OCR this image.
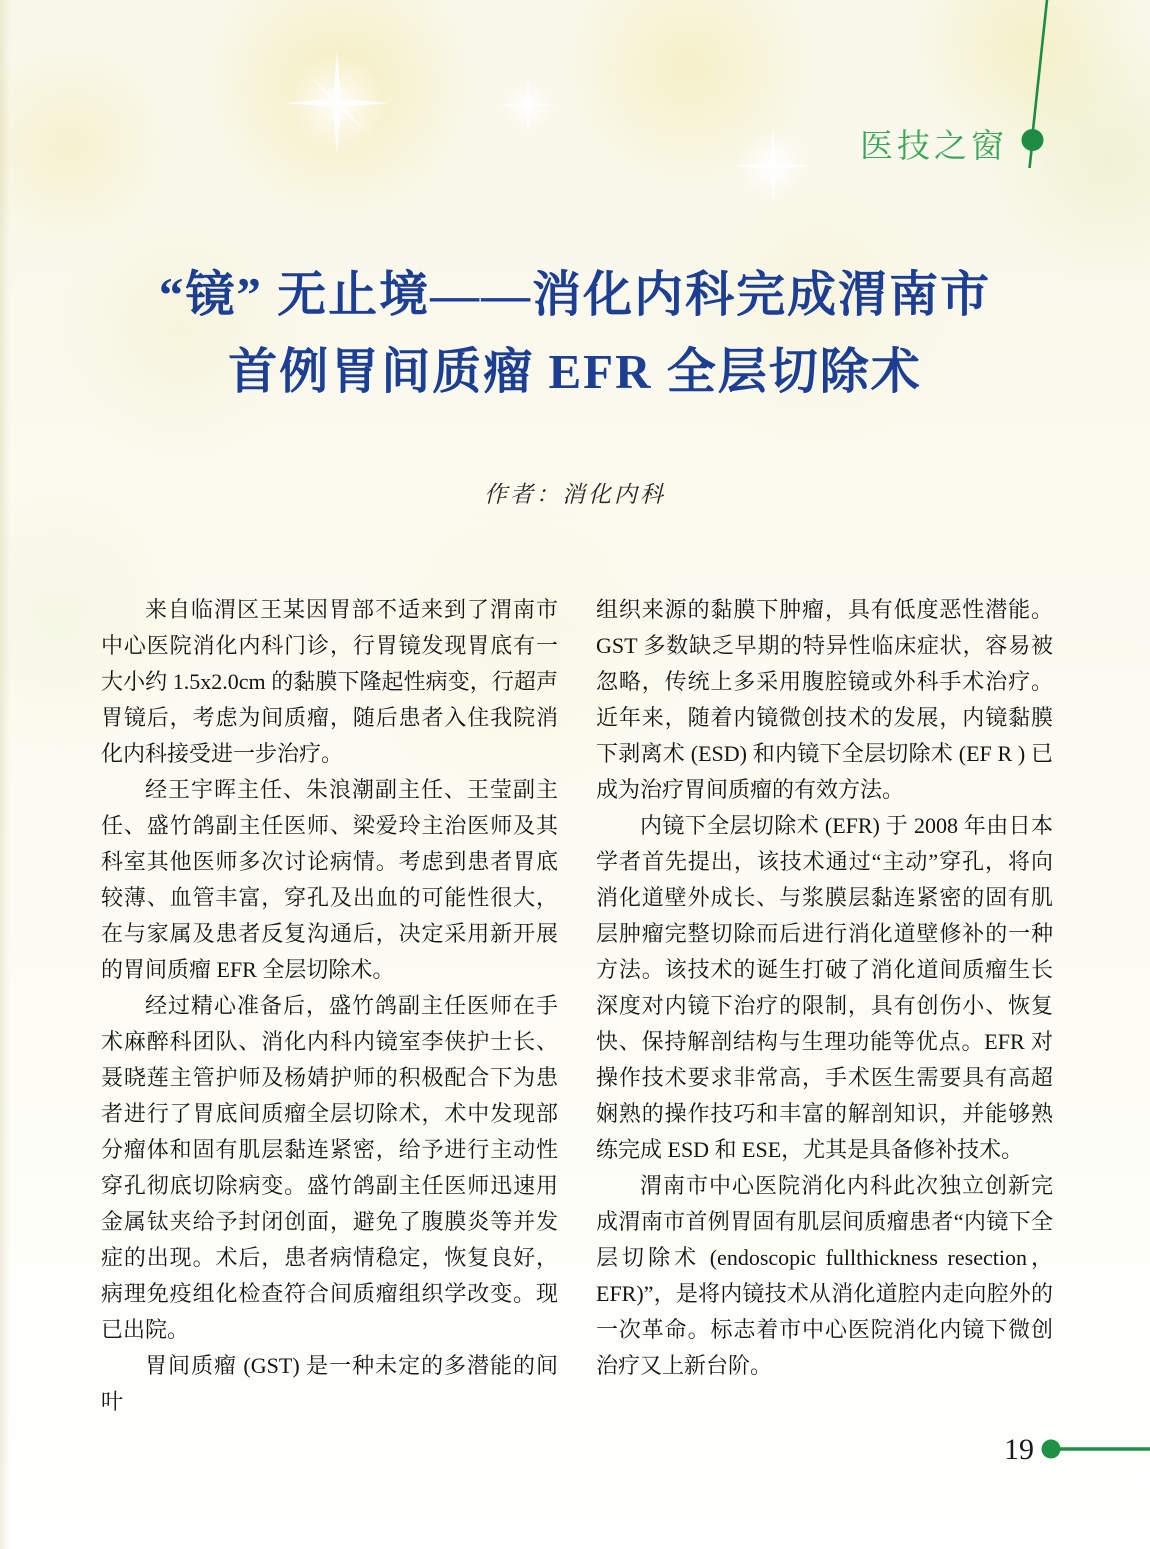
医技之窗
“镜” 无止境——消化内科完成渭南市
首例胃间质瘤 EFR 全层切除术
作者：消化内科

来自临渭区王某因胃部不适来到了渭南市中心医院消化内科门诊，行胃镜发现胃底有一大小约 1.5x2.0cm 的黏膜下隆起性病变，行超声胃镜后，考虑为间质瘤，随后患者入住我院消化内科接受进一步治疗。

经王宇晖主任、朱浪潮副主任、王莹副主任、盛竹鸽副主任医师、梁爱玲主治医师及其科室其他医师多次讨论病情。考虑到患者胃底较薄、血管丰富，穿孔及出血的可能性很大，在与家属及患者反复沟通后，决定采用新开展的胃间质瘤 EFR 全层切除术。

经过精心准备后，盛竹鸽副主任医师在手术麻醉科团队、消化内科内镜室李侠护士长、聂晓莲主管护师及杨婧护师的积极配合下为患者进行了胃底间质瘤全层切除术，术中发现部分瘤体和固有肌层黏连紧密，给予进行主动性穿孔彻底切除病变。盛竹鸽副主任医师迅速用金属钛夹给予封闭创面，避免了腹膜炎等并发症的出现。术后，患者病情稳定，恢复良好，病理免疫组化检查符合间质瘤组织学改变。现已出院。

胃间质瘤 (GST) 是一种未定的多潜能的间叶

组织来源的黏膜下肿瘤，具有低度恶性潜能。GST 多数缺乏早期的特异性临床症状，容易被忽略，传统上多采用腹腔镜或外科手术治疗。近年来，随着内镜微创技术的发展，内镜黏膜下剥离术 (ESD) 和内镜下全层切除术 (EF R ) 已成为治疗胃间质瘤的有效方法。

内镜下全层切除术 (EFR) 于 2008 年由日本学者首先提出，该技术通过“主动”穿孔，将向消化道壁外成长、与浆膜层黏连紧密的固有肌层肿瘤完整切除而后进行消化道壁修补的一种方法。该技术的诞生打破了消化道间质瘤生长深度对内镜下治疗的限制，具有创伤小、恢复快、保持解剖结构与生理功能等优点。EFR 对操作技术要求非常高，手术医生需要具有高超娴熟的操作技巧和丰富的解剖知识，并能够熟练完成 ESD 和 ESE，尤其是具备修补技术。

渭南市中心医院消化内科此次独立创新完成渭南市首例胃固有肌层间质瘤患者“内镜下全层切除术 (endoscopic fullthickness resection，EFR)”，是将内镜技术从消化道腔内走向腔外的一次革命。标志着市中心医院消化内镜下微创治疗又上新台阶。

19
